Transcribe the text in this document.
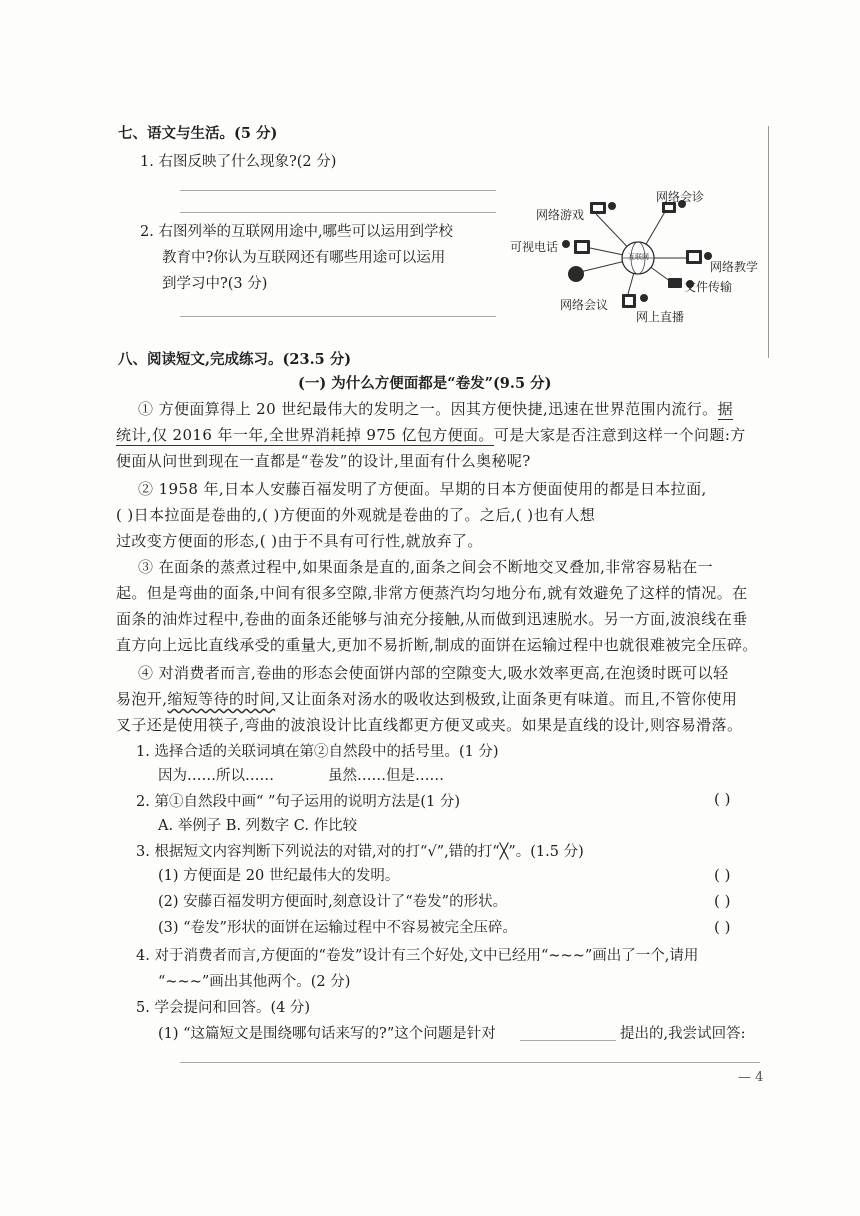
七、语文与生活。(5 分)
1. 右图反映了什么现象?(2 分)
2. 右图列举的互联网用途中,哪些可以运用到学校
教育中?你认为互联网还有哪些用途可以运用
到学习中?(3 分)
互联网
网络游戏
网络会诊
可视电话
网络教学
文件传输
网络会议
网上直播
八、阅读短文,完成练习。(23.5 分)
(一) 为什么方便面都是“卷发”(9.5 分)
① 方便面算得上 20 世纪最伟大的发明之一。因其方便快捷,迅速在世界范围内流行。据
统计,仅 2016 年一年,全世界消耗掉 975 亿包方便面。可是大家是否注意到这样一个问题:方
便面从问世到现在一直都是“卷发”的设计,里面有什么奥秘呢?
② 1958 年,日本人安藤百福发明了方便面。早期的日本方便面使用的都是日本拉面,
( )日本拉面是卷曲的,( )方便面的外观就是卷曲的了。之后,( )也有人想
过改变方便面的形态,( )由于不具有可行性,就放弃了。
③ 在面条的蒸煮过程中,如果面条是直的,面条之间会不断地交叉叠加,非常容易粘在一
起。但是弯曲的面条,中间有很多空隙,非常方便蒸汽均匀地分布,就有效避免了这样的情况。在
面条的油炸过程中,卷曲的面条还能够与油充分接触,从而做到迅速脱水。另一方面,波浪线在垂
直方向上远比直线承受的重量大,更加不易折断,制成的面饼在运输过程中也就很难被完全压碎。
④ 对消费者而言,卷曲的形态会使面饼内部的空隙变大,吸水效率更高,在泡烫时既可以轻
易泡开,缩短等待的时间,又让面条对汤水的吸收达到极致,让面条更有味道。而且,不管你使用
叉子还是使用筷子,弯曲的波浪设计比直线都更方便叉或夹。如果是直线的设计,则容易滑落。
1. 选择合适的关联词填在第②自然段中的括号里。(1 分)
因为……所以……	虽然……但是……
2. 第①自然段中画“ ”句子运用的说明方法是(1 分)	( )
A. 举例子 B. 列数字 C. 作比较
3. 根据短文内容判断下列说法的对错,对的打“√”,错的打“╳”。(1.5 分)
(1) 方便面是 20 世纪最伟大的发明。	( )
(2) 安藤百福发明方便面时,刻意设计了“卷发”的形状。	( )
(3) “卷发”形状的面饼在运输过程中不容易被完全压碎。	( )
4. 对于消费者而言,方便面的“卷发”设计有三个好处,文中已经用“~~~”画出了一个,请用
“~~~”画出其他两个。(2 分)
5. 学会提问和回答。(4 分)
(1) “这篇短文是围绕哪句话来写的?”这个问题是针对	提出的,我尝试回答:
— 4
